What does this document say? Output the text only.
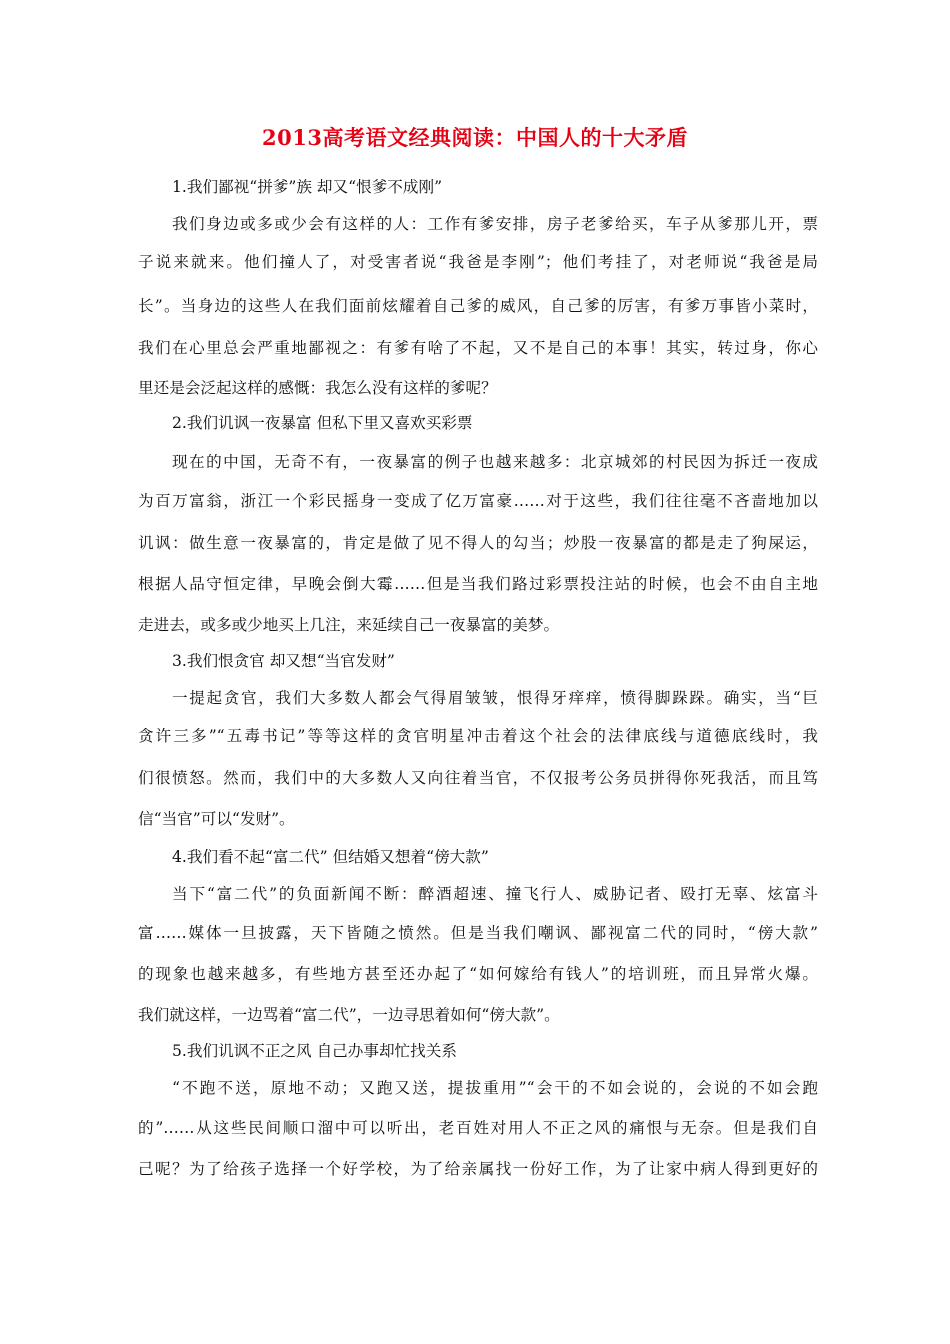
2013高考语文经典阅读：中国人的十大矛盾
1.我们鄙视“拼爹”族 却又“恨爹不成刚”
我们身边或多或少会有这样的人：工作有爹安排，房子老爹给买，车子从爹那儿开，票
子说来就来。他们撞人了，对受害者说“我爸是李刚”；他们考挂了，对老师说“我爸是局
长”。当身边的这些人在我们面前炫耀着自己爹的威风，自己爹的厉害，有爹万事皆小菜时，
我们在心里总会严重地鄙视之：有爹有啥了不起，又不是自己的本事！其实，转过身，你心
里还是会泛起这样的感慨：我怎么没有这样的爹呢？
2.我们讥讽一夜暴富 但私下里又喜欢买彩票
现在的中国，无奇不有，一夜暴富的例子也越来越多：北京城郊的村民因为拆迁一夜成
为百万富翁，浙江一个彩民摇身一变成了亿万富豪……对于这些，我们往往毫不吝啬地加以
讥讽：做生意一夜暴富的，肯定是做了见不得人的勾当；炒股一夜暴富的都是走了狗屎运，
根据人品守恒定律，早晚会倒大霉……但是当我们路过彩票投注站的时候，也会不由自主地
走进去，或多或少地买上几注，来延续自己一夜暴富的美梦。
3.我们恨贪官 却又想“当官发财”
一提起贪官，我们大多数人都会气得眉皱皱，恨得牙痒痒，愤得脚跺跺。确实，当“巨
贪许三多”“五毒书记”等等这样的贪官明星冲击着这个社会的法律底线与道德底线时，我
们很愤怒。然而，我们中的大多数人又向往着当官，不仅报考公务员拼得你死我活，而且笃
信“当官”可以“发财”。
4.我们看不起“富二代” 但结婚又想着“傍大款”
当下“富二代”的负面新闻不断：醉酒超速、撞飞行人、威胁记者、殴打无辜、炫富斗
富……媒体一旦披露，天下皆随之愤然。但是当我们嘲讽、鄙视富二代的同时，“傍大款”
的现象也越来越多，有些地方甚至还办起了“如何嫁给有钱人”的培训班，而且异常火爆。
我们就这样，一边骂着“富二代”，一边寻思着如何“傍大款”。
5.我们讥讽不正之风 自己办事却忙找关系
“不跑不送，原地不动；又跑又送，提拔重用”“会干的不如会说的，会说的不如会跑
的”……从这些民间顺口溜中可以听出，老百姓对用人不正之风的痛恨与无奈。但是我们自
己呢？为了给孩子选择一个好学校，为了给亲属找一份好工作，为了让家中病人得到更好的
